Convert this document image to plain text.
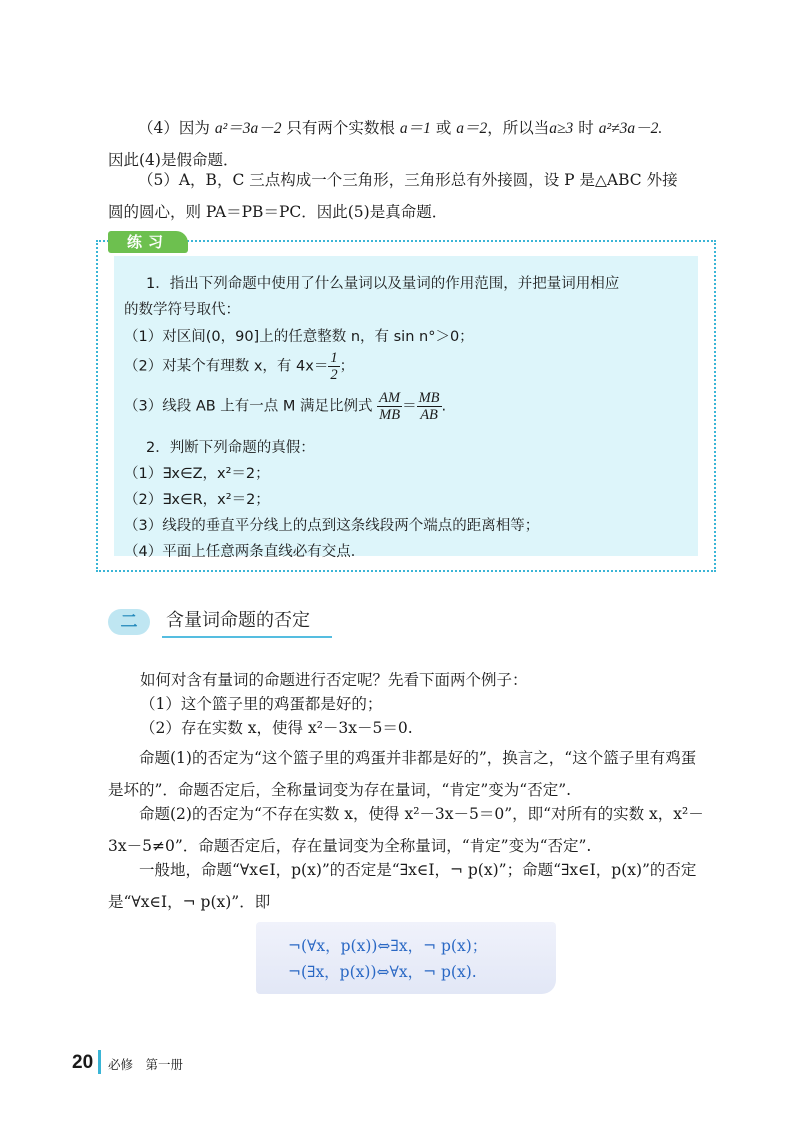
（4）因为 a²＝3a－2 只有两个实数根 a＝1 或 a＝2，所以当a≥3 时 a²≠3a－2.
因此(4)是假命题．
（5）A，B，C 三点构成一个三角形，三角形总有外接圆，设 P 是△ABC 外接
圆的圆心，则 PA＝PB＝PC．因此(5)是真命题．
练习
1．指出下列命题中使用了什么量词以及量词的作用范围，并把量词用相应
的数学符号取代：
（1）对区间(0，90]上的任意整数 n，有 sin n°＞0；
（2）对某个有理数 x，有 $4x= \frac{1}{2}$ ；
（3）线段 AB 上有一点 M 满足比例式 $\frac{AM}{MB} = \frac{MB}{AB}$ .
2．判断下列命题的真假：
（1）∃x∈Z，x²＝2；
（2）∃x∈R，x²＝2；
（3）线段的垂直平分线上的点到这条线段两个端点的距离相等；
（4）平面上任意两条直线必有交点．
二	含量词命题的否定
如何对含有量词的命题进行否定呢？先看下面两个例子：
（1）这个篮子里的鸡蛋都是好的；
（2）存在实数 x，使得 x²－3x－5＝0.
命题(1)的否定为“这个篮子里的鸡蛋并非都是好的”，换言之，“这个篮子里有鸡蛋是坏的”．命题否定后，全称量词变为存在量词，“肯定”变为“否定”.
命题(2)的否定为“不存在实数 x，使得 x²－3x－5＝0”，即“对所有的实数 x，x²－3x－5≠0”．命题否定后，存在量词变为全称量词，“肯定”变为“否定”.
一般地，命题“∀x∈I，p(x)”的否定是“∃x∈I，¬ p(x)”；命题“∃x∈I，p(x)”的否定是“∀x∈I，¬ p(x)”．即
¬(∀x，p(x))⇔∃x，¬ p(x)；
¬(∃x，p(x))⇔∀x，¬ p(x).
20 必修　第一册
